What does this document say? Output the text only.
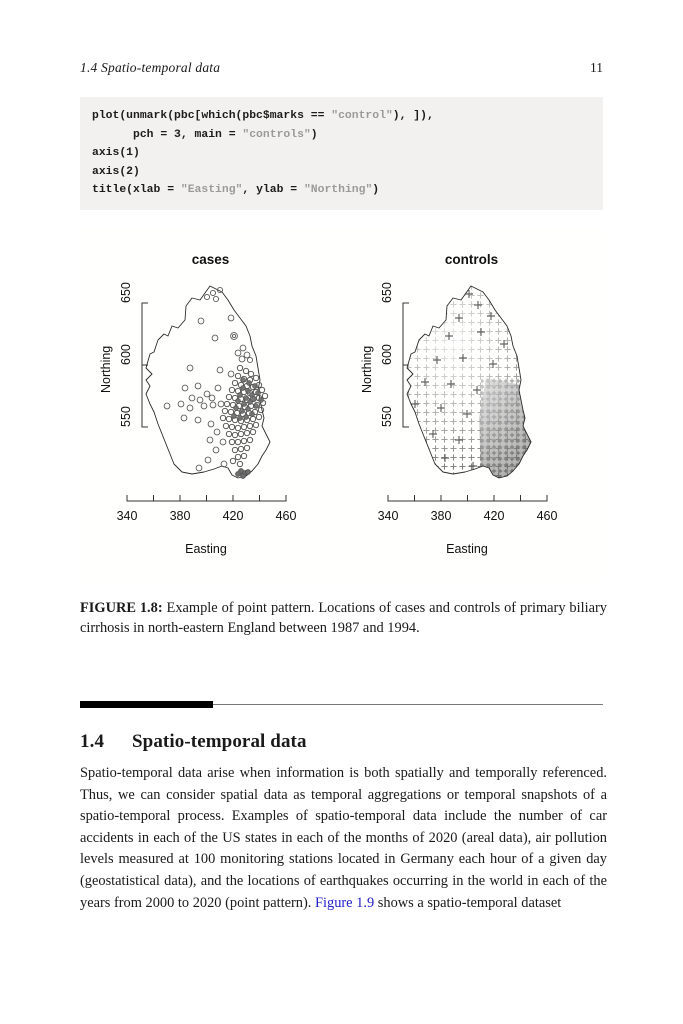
1.4 Spatio-temporal data	11
plot(unmark(pbc[which(pbc$marks == "control"), ]),
pch = 3, main = "controls")
axis(1)
axis(2)
title(xlab = "Easting", ylab = "Northing")
cases
550
600
650
Northing
340	380	420	460
Easting
controls
550
600
650
Northing
340	380	420	460
Easting
FIGURE 1.8: Example of point pattern. Locations of cases and controls of primary biliary cirrhosis in north-eastern England between 1987 and 1994.
1.4 Spatio-temporal data
Spatio-temporal data arise when information is both spatially and temporally referenced. Thus, we can consider spatial data as temporal aggregations or temporal snapshots of a spatio-temporal process. Examples of spatio-temporal data include the number of car accidents in each of the US states in each of the months of 2020 (areal data), air pollution levels measured at 100 monitoring stations located in Germany each hour of a given day (geostatistical data), and the locations of earthquakes occurring in the world in each of the years from 2000 to 2020 (point pattern). Figure 1.9 shows a spatio-temporal dataset
